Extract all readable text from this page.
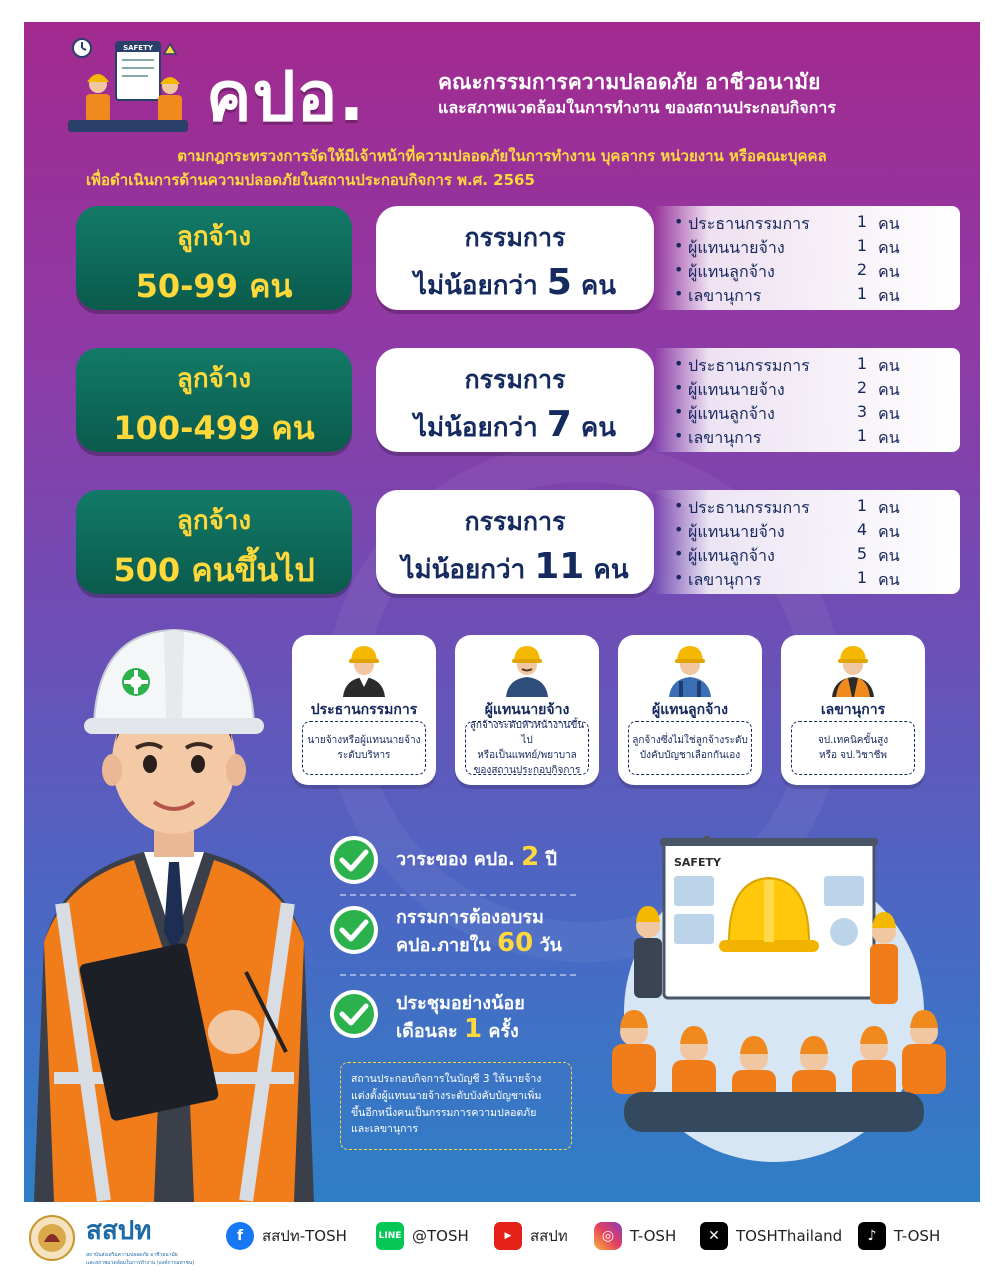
SAFETY
คปอ.	คณะกรรมการความปลอดภัย อาชีวอนามัย
และสภาพแวดล้อมในการทำงาน ของสถานประกอบกิจการ
ตามกฎกระทรวงการจัดให้มีเจ้าหน้าที่ความปลอดภัยในการทำงาน บุคลากร หน่วยงาน หรือคณะบุคคล
เพื่อดำเนินการด้านความปลอดภัยในสถานประกอบกิจการ พ.ศ. 2565
ลูกจ้าง
50-99 คน
กรรมการ
ไม่น้อยกว่า 5 คน
• ประธานกรรมการ	1 คน
• ผู้แทนนายจ้าง	1 คน
• ผู้แทนลูกจ้าง	2 คน
• เลขานุการ	1 คน
ลูกจ้าง
100-499 คน
กรรมการ
ไม่น้อยกว่า 7 คน
• ประธานกรรมการ	1 คน
• ผู้แทนนายจ้าง	2 คน
• ผู้แทนลูกจ้าง	3 คน
• เลขานุการ	1 คน
ลูกจ้าง
500 คนขึ้นไป
กรรมการ
ไม่น้อยกว่า 11 คน
• ประธานกรรมการ	1 คน
• ผู้แทนนายจ้าง	4 คน
• ผู้แทนลูกจ้าง	5 คน
• เลขานุการ	1 คน
ประธานกรรมการ
นายจ้างหรือผู้แทนนายจ้าง
ระดับบริหาร
ผู้แทนนายจ้าง
ลูกจ้างระดับหัวหน้างานขึ้นไป
หรือเป็นแพทย์/พยาบาล
ของสถานประกอบกิจการ
ผู้แทนลูกจ้าง
ลูกจ้างซึ่งไม่ใช่ลูกจ้างระดับ
บังคับบัญชาเลือกกันเอง
เลขานุการ
จป.เทคนิคขั้นสูง
หรือ จป.วิชาชีพ
วาระของ คปอ. 2 ปี
กรรมการต้องอบรม
คปอ.ภายใน 60 วัน
ประชุมอย่างน้อย
เดือนละ 1 ครั้ง
สถานประกอบกิจการในบัญชี 3 ให้นายจ้าง
แต่งตั้งผู้แทนนายจ้างระดับบังคับบัญชาเพิ่ม
ขึ้นอีกหนึ่งคนเป็นกรรมการความปลอดภัย
และเลขานุการ
SAFETY
สสปท
สถาบันส่งเสริมความปลอดภัย อาชีวอนามัย
และสภาพแวดล้อมในการทำงาน (องค์การมหาชน)
f	สสปท-TOSH	LINE @TOSH	▶	สสปท	◎	T-OSH	✕	TOSHThailand	♪	T-OSH
